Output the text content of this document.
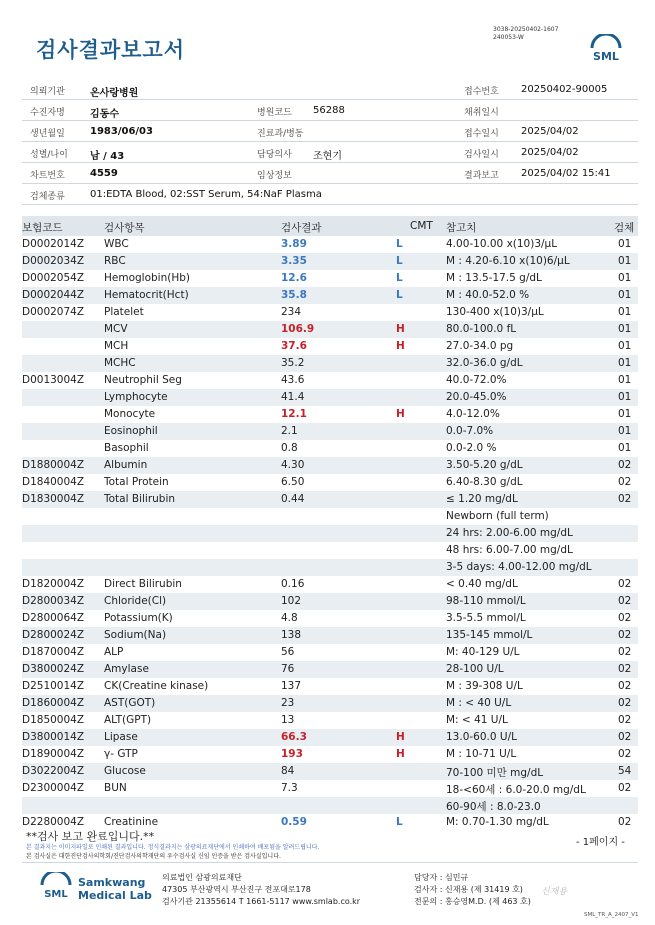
검사결과보고서
3038-20250402-1607
240053-W
SML
의뢰기관	온사랑병원	접수번호 20250402-90005
수진자명	김동수	병원코드 56288	채취일시
생년월일	1983/06/03	진료과/병동	접수일시 2025/04/02
성별/나이 남 / 43	담당의사 조현기	검사일시 2025/04/02
차트번호	4559	임상정보	결과보고 2025/04/02 15:41
검체종류	01:EDTA Blood, 02:SST Serum, 54:NaF Plasma
보험코드	검사항목	검사결과	CMT 참고치	검체
D0002014Z WBC	3.89	L	4.00-10.00 x(10)3/μL	01
D0002034Z RBC	3.35	L	M : 4.20-6.10 x(10)6/μL	01
D0002054Z Hemoglobin(Hb)	12.6	L	M : 13.5-17.5 g/dL	01
D0002044Z Hematocrit(Hct)	35.8	L	M : 40.0-52.0 %	01
D0002074Z Platelet	234	130-400 x(10)3/μL	01
MCV	106.9	H	80.0-100.0 fL	01
MCH	37.6	H	27.0-34.0 pg	01
MCHC	35.2	32.0-36.0 g/dL	01
D0013004Z Neutrophil Seg	43.6	40.0-72.0%	01
Lymphocyte	41.4	20.0-45.0%	01
Monocyte	12.1	H	4.0-12.0%	01
Eosinophil	2.1	0.0-7.0%	01
Basophil	0.8	0.0-2.0 %	01
D1880004Z Albumin	4.30	3.50-5.20 g/dL	02
D1840004Z Total Protein	6.50	6.40-8.30 g/dL	02
D1830004Z Total Bilirubin	0.44	≤ 1.20 mg/dL	02
Newborn (full term)
24 hrs: 2.00-6.00 mg/dL
48 hrs: 6.00-7.00 mg/dL
3-5 days: 4.00-12.00 mg/dL
D1820004Z Direct Bilirubin	0.16	< 0.40 mg/dL	02
D2800034Z Chloride(Cl)	102	98-110 mmol/L	02
D2800064Z Potassium(K)	4.8	3.5-5.5 mmol/L	02
D2800024Z Sodium(Na)	138	135-145 mmol/L	02
D1870004Z ALP	56	M: 40-129 U/L	02
D3800024Z Amylase	76	28-100 U/L	02
D2510014Z CK(Creatine kinase)	137	M : 39-308 U/L	02
D1860004Z AST(GOT)	23	M : < 40 U/L	02
D1850004Z ALT(GPT)	13	M: < 41 U/L	02
D3800014Z Lipase	66.3	H	13.0-60.0 U/L	02
D1890004Z γ- GTP	193	H	M : 10-71 U/L	02
D3022004Z Glucose	84	70-100 미만 mg/dL	54
D2300004Z BUN	7.3	18-<60세 : 6.0-20.0 mg/dL	02
60-90세 : 8.0-23.0
D2280004Z Creatinine	0.59	L	M: 0.70-1.30 mg/dL	02
**검사 보고 완료입니다.**	- 1페이지 -
본 결과지는 이미지파일로 인쇄된 결과입니다. 정식결과지는 삼광의료재단에서 인쇄하여 배포됨을 알려드립니다.
본 검사실은 대한진단검사의학회/진단검사의학재단의 우수검사실 신임 인증을 받은 검사실입니다.
SML
Samkwang
Medical Lab
의료법인 삼광의료재단
47305 부산광역시 부산진구 전포대로178
검사기관 21355614 T 1661-5117 www.smlab.co.kr
담당자 : 심민규
검사자 : 신재용 (제 31419 호)
전문의 : 홍승영M.D. (제 463 호)
신재용
SML_TR_A_2407_V1
